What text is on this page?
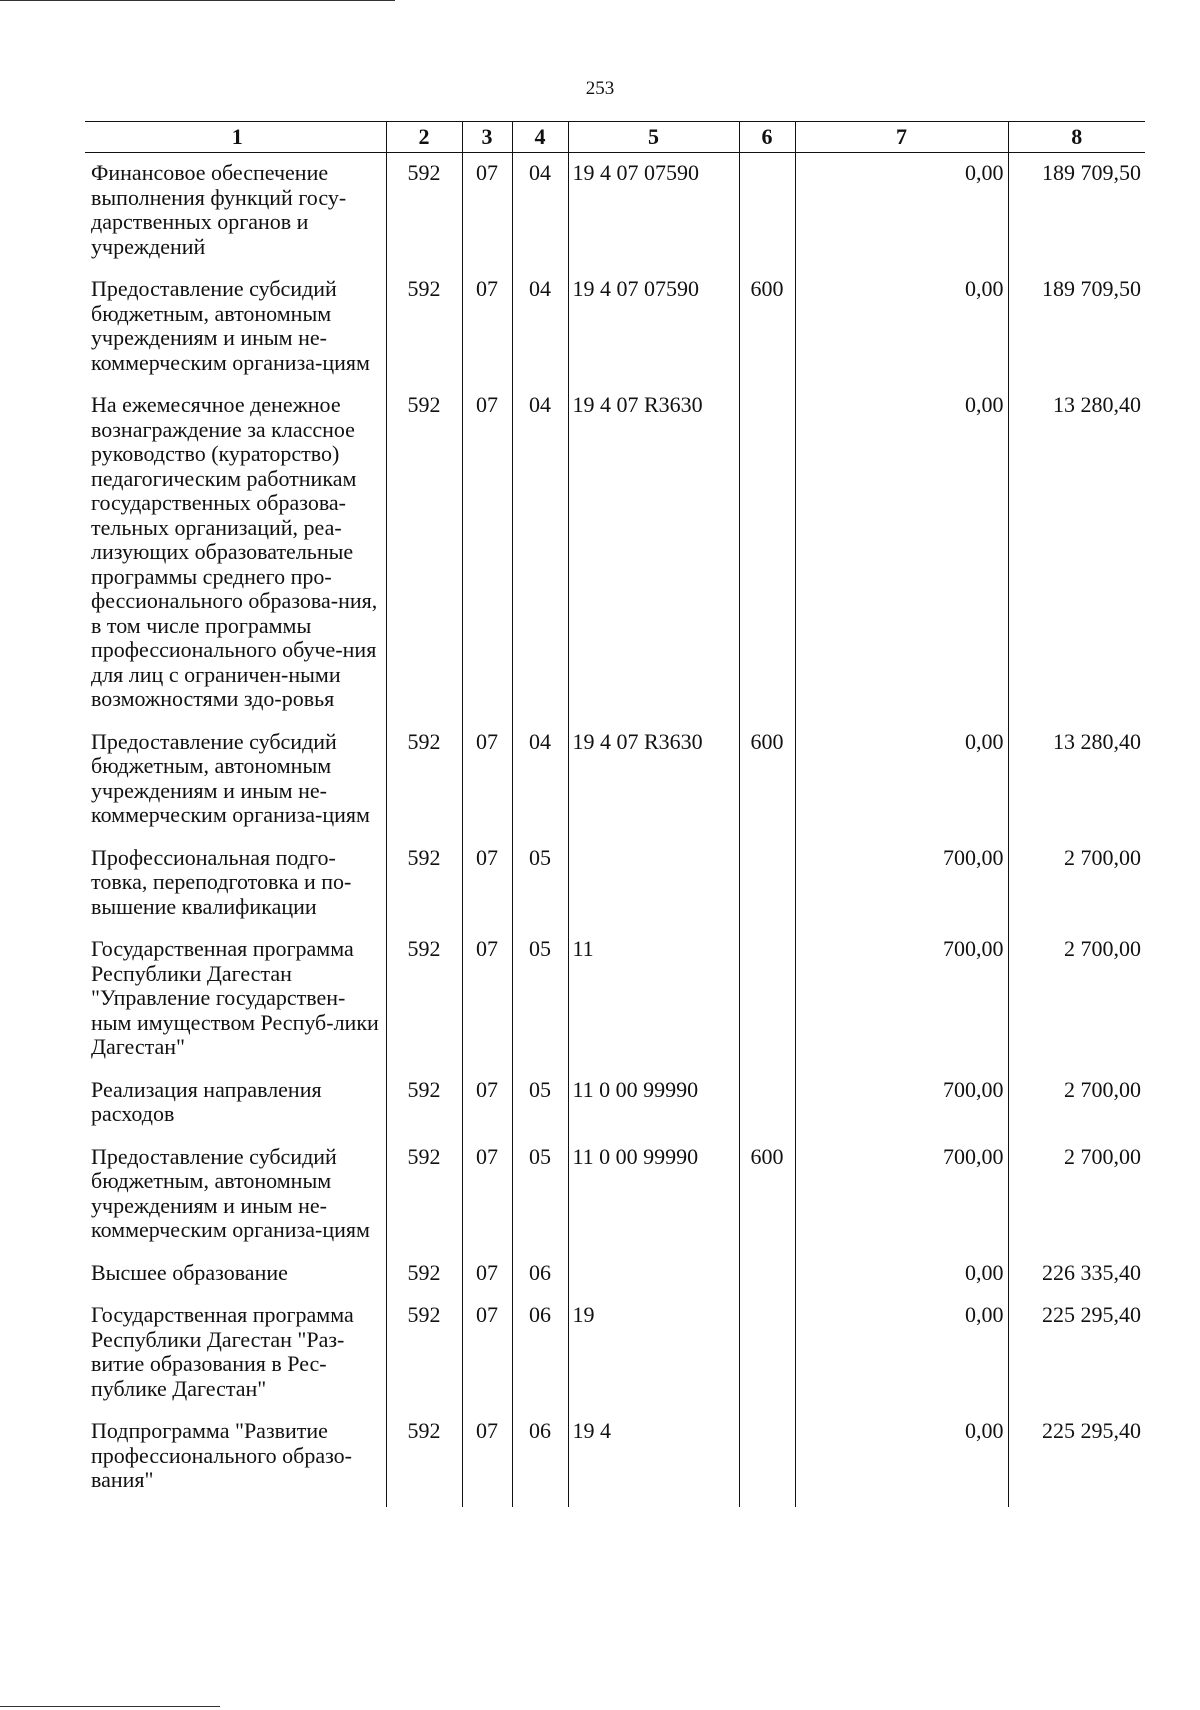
253
1	2	3	4	5	6	7	8
Финансовое обеспечение выполнения функций госу-дарственных органов и учреждений	592	07	04	19 4 07 07590		0,00	189 709,50
Предоставление субсидий бюджетным, автономным учреждениям и иным не-коммерческим организа-циям	592	07	04	19 4 07 07590	600	0,00	189 709,50
На ежемесячное денежное вознаграждение за классное руководство (кураторство) педагогическим работникам государственных образова-тельных организаций, реа-лизующих образовательные программы среднего про-фессионального образова-ния, в том числе программы профессионального обуче-ния для лиц с ограничен-ными возможностями здо-ровья	592	07	04	19 4 07 R3630		0,00	13 280,40
Предоставление субсидий бюджетным, автономным учреждениям и иным не-коммерческим организа-циям	592	07	04	19 4 07 R3630	600	0,00	13 280,40
Профессиональная подго-товка, переподготовка и по-вышение квалификации	592	07	05			700,00	2 700,00
Государственная программа Республики Дагестан "Управление государствен-ным имуществом Респуб-лики Дагестан"	592	07	05	11		700,00	2 700,00
Реализация направления расходов	592	07	05	11 0 00 99990		700,00	2 700,00
Предоставление субсидий бюджетным, автономным учреждениям и иным не-коммерческим организа-циям	592	07	05	11 0 00 99990	600	700,00	2 700,00
Высшее образование	592	07	06			0,00	226 335,40
Государственная программа Республики Дагестан "Раз-витие образования в Рес-публике Дагестан"	592	07	06	19		0,00	225 295,40
Подпрограмма "Развитие профессионального образо-вания"	592	07	06	19 4		0,00	225 295,40
